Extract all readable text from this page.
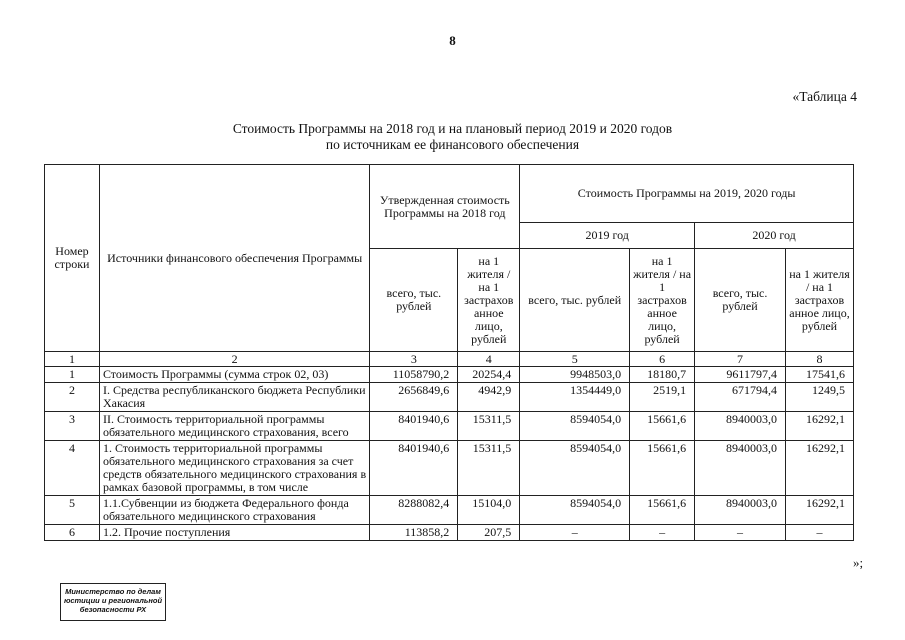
8
«Таблица 4
Стоимость Программы на 2018 год и на плановый период 2019 и 2020 годов
по источникам ее финансового обеспечения
Номер строки	Источники финансового обеспечения Программы	Утвержденная стоимость Программы на 2018 год		Стоимость Программы на 2019, 2020 годы			
				2019 год		2020 год	
		всего, тыс. рублей	на 1 жителя / на 1 застрахов анное лицо, рублей	всего, тыс. рублей	на 1 жителя / на 1 застрахов анное лицо, рублей	всего, тыс. рублей	на 1 жителя / на 1 застрахов анное лицо, рублей
1	2	3	4	5	6	7	8
1	Стоимость Программы (сумма строк 02, 03)	11058790,2	20254,4	9948503,0	18180,7	9611797,4	17541,6
2	I. Средства республиканского бюджета Республики Хакасия	2656849,6	4942,9	1354449,0	2519,1	671794,4	1249,5
3	II. Стоимость территориальной программы обязательного медицинского страхования, всего	8401940,6	15311,5	8594054,0	15661,6	8940003,0	16292,1
4	1. Стоимость территориальной программы обязательного медицинского страхования за счет средств обязательного медицинского страхования в рамках базовой программы, в том числе	8401940,6	15311,5	8594054,0	15661,6	8940003,0	16292,1
5	1.1.Субвенции из бюджета Федерального фонда обязательного медицинского страхования	8288082,4	15104,0	8594054,0	15661,6	8940003,0	16292,1
6	1.2. Прочие поступления	113858,2	207,5	–	–	–	–
»;
Министерство по делам
юстиции и региональной
безопасности РХ
